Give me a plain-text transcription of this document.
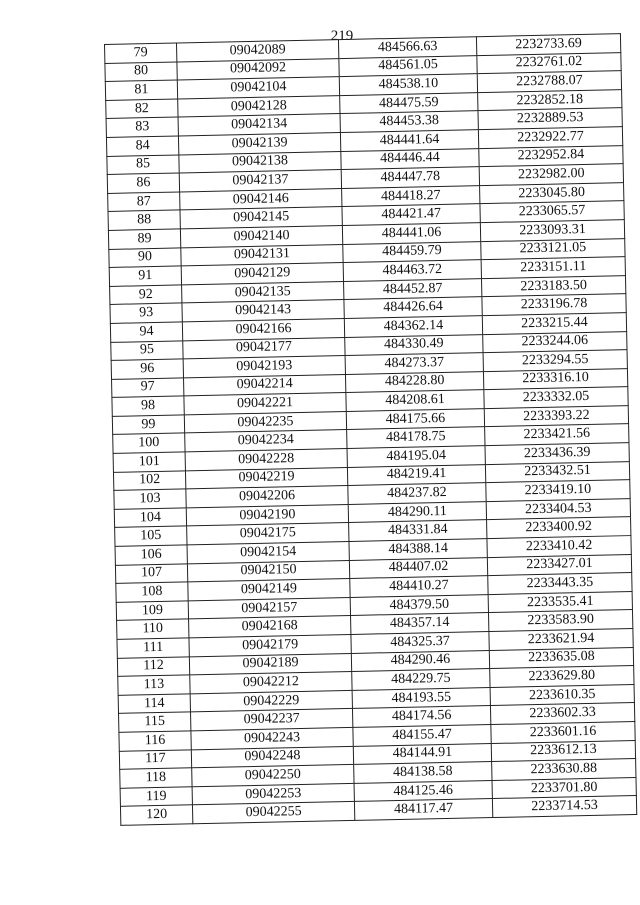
219
79	09042089	484566.63	2232733.69
80	09042092	484561.05	2232761.02
81	09042104	484538.10	2232788.07
82	09042128	484475.59	2232852.18
83	09042134	484453.38	2232889.53
84	09042139	484441.64	2232922.77
85	09042138	484446.44	2232952.84
86	09042137	484447.78	2232982.00
87	09042146	484418.27	2233045.80
88	09042145	484421.47	2233065.57
89	09042140	484441.06	2233093.31
90	09042131	484459.79	2233121.05
91	09042129	484463.72	2233151.11
92	09042135	484452.87	2233183.50
93	09042143	484426.64	2233196.78
94	09042166	484362.14	2233215.44
95	09042177	484330.49	2233244.06
96	09042193	484273.37	2233294.55
97	09042214	484228.80	2233316.10
98	09042221	484208.61	2233332.05
99	09042235	484175.66	2233393.22
100	09042234	484178.75	2233421.56
101	09042228	484195.04	2233436.39
102	09042219	484219.41	2233432.51
103	09042206	484237.82	2233419.10
104	09042190	484290.11	2233404.53
105	09042175	484331.84	2233400.92
106	09042154	484388.14	2233410.42
107	09042150	484407.02	2233427.01
108	09042149	484410.27	2233443.35
109	09042157	484379.50	2233535.41
110	09042168	484357.14	2233583.90
111	09042179	484325.37	2233621.94
112	09042189	484290.46	2233635.08
113	09042212	484229.75	2233629.80
114	09042229	484193.55	2233610.35
115	09042237	484174.56	2233602.33
116	09042243	484155.47	2233601.16
117	09042248	484144.91	2233612.13
118	09042250	484138.58	2233630.88
119	09042253	484125.46	2233701.80
120	09042255	484117.47	2233714.53
